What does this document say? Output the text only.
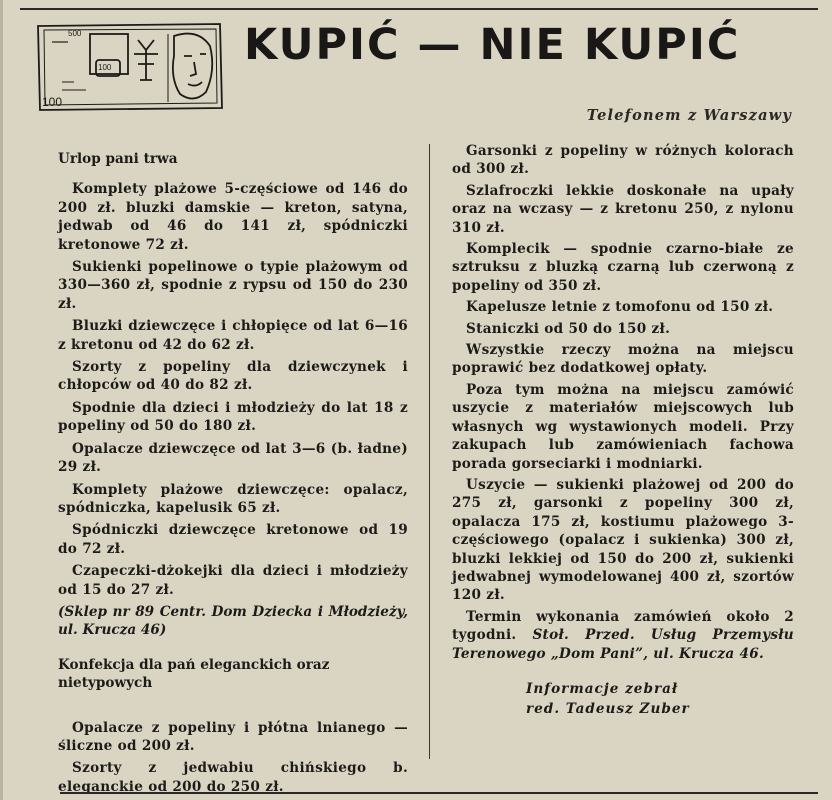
500
100
100
KUPIĆ — NIE KUPIĆ
Telefonem z Warszawy
Urlop pani trwa

Komplety plażowe 5-częściowe od 146 do 200 zł. bluzki damskie — kreton, satyna, jedwab od 46 do 141 zł, spódniczki kretonowe 72 zł.

Sukienki popelinowe o typie plażowym od 330—360 zł, spodnie z rypsu od 150 do 230 zł.

Bluzki dziewczęce i chłopięce od lat 6—16 z kretonu od 42 do 62 zł.

Szorty z popeliny dla dziewczynek i chłopców od 40 do 82 zł.

Spodnie dla dzieci i młodzieży do lat 18 z popeliny od 50 do 180 zł.

Opalacze dziewczęce od lat 3—6 (b. ładne) 29 zł.

Komplety plażowe dziewczęce: opalacz, spódniczka, kapelusik 65 zł.

Spódniczki dziewczęce kretonowe od 19 do 72 zł.

Czapeczki-dżokejki dla dzieci i młodzieży od 15 do 27 zł.

(Sklep nr 89 Centr. Dom Dziecka i Młodzieży, ul. Krucza 46)

Konfekcja dla pań eleganckich oraz nietypowych

Opalacze z popeliny i płótna lnianego — śliczne od 200 zł.

Szorty z jedwabiu chińskiego b. eleganckie od 200 do 250 zł.

Garsonki z popeliny w różnych kolorach od 300 zł.

Szlafroczki lekkie doskonałe na upały oraz na wczasy — z kretonu 250, z nylonu 310 zł.

Komplecik — spodnie czarno-białe ze sztruksu z bluzką czarną lub czerwoną z popeliny od 350 zł.

Kapelusze letnie z tomofonu od 150 zł.

Staniczki od 50 do 150 zł.

Wszystkie rzeczy można na miejscu poprawić bez dodatkowej opłaty.

Poza tym można na miejscu zamówić uszycie z materiałów miejscowych lub własnych wg wystawionych modeli. Przy zakupach lub zamówieniach fachowa porada gorseciarki i modniarki.

Uszycie — sukienki plażowej od 200 do 275 zł, garsonki z popeliny 300 zł, opalacza 175 zł, kostiumu plażowego 3-częściowego (opalacz i sukienka) 300 zł, bluzki lekkiej od 150 do 200 zł, sukienki jedwabnej wymodelowanej 400 zł, szortów 120 zł.

Termin wykonania zamówień około 2 tygodni. Stoł. Przed. Usług Przemysłu Terenowego „Dom Pani”, ul. Krucza 46.

Informacje zebrał
red. Tadeusz Zuber
